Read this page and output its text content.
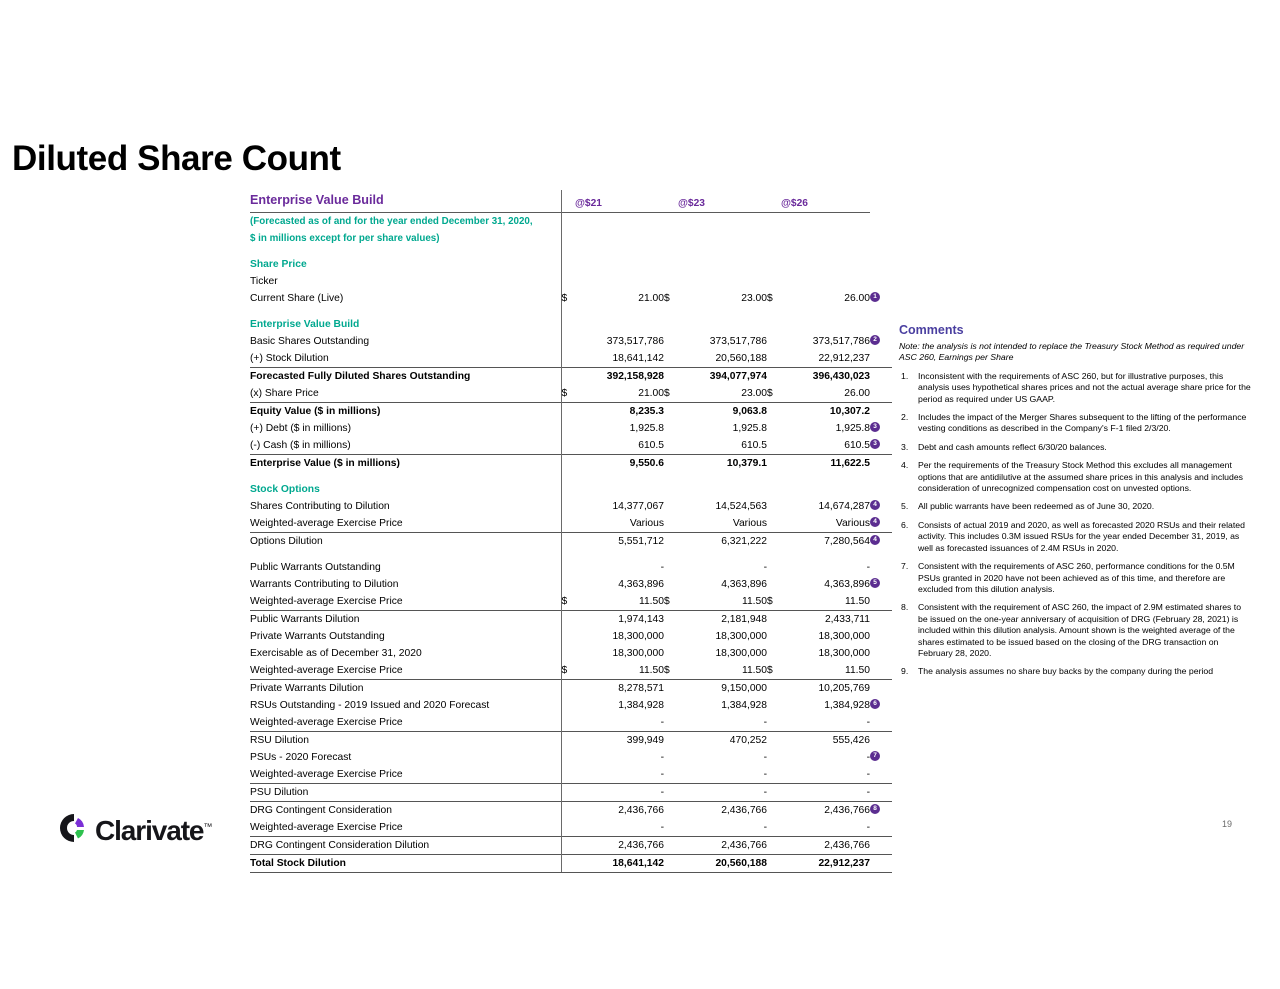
Diluted Share Count
Enterprise Value Build		@$21		@$23		@$26	

(Forecasted as of and for the year ended December 31, 2020,							
$ in millions except for per share values)							

Share Price							
Ticker							
Current Share (Live)	$	21.00	$	23.00	$	26.00	1

Enterprise Value Build							
Basic Shares Outstanding		373,517,786		373,517,786		373,517,786	2
(+) Stock Dilution		18,641,142		20,560,188		22,912,237	
Forecasted Fully Diluted Shares Outstanding		392,158,928		394,077,974		396,430,023	
(x) Share Price	$	21.00	$	23.00	$	26.00	
Equity Value ($ in millions)		8,235.3		9,063.8		10,307.2	
(+) Debt ($ in millions)		1,925.8		1,925.8		1,925.8	3
(-) Cash ($ in millions)		610.5		610.5		610.5	3
Enterprise Value ($ in millions)		9,550.6		10,379.1		11,622.5	

Stock Options							
Shares Contributing to Dilution		14,377,067		14,524,563		14,674,287	4
Weighted-average Exercise Price		Various		Various		Various	4
Options Dilution		5,551,712		6,321,222		7,280,564	4

Public Warrants Outstanding		-		-		-	
Warrants Contributing to Dilution		4,363,896		4,363,896		4,363,896	5
Weighted-average Exercise Price	$	11.50	$	11.50	$	11.50	
Public Warrants Dilution		1,974,143		2,181,948		2,433,711	
Private Warrants Outstanding		18,300,000		18,300,000		18,300,000	
Exercisable as of December 31, 2020		18,300,000		18,300,000		18,300,000	
Weighted-average Exercise Price	$	11.50	$	11.50	$	11.50	
Private Warrants Dilution		8,278,571		9,150,000		10,205,769	
RSUs Outstanding - 2019 Issued and 2020 Forecast		1,384,928		1,384,928		1,384,928	6
Weighted-average Exercise Price		-		-		-	
RSU Dilution		399,949		470,252		555,426	
PSUs - 2020 Forecast		-		-		-	7
Weighted-average Exercise Price		-		-		-	
PSU Dilution		-		-		-	
DRG Contingent Consideration		2,436,766		2,436,766		2,436,766	8
Weighted-average Exercise Price		-		-		-	
DRG Contingent Consideration Dilution		2,436,766		2,436,766		2,436,766	
Total Stock Dilution		18,641,142		20,560,188		22,912,237	
Comments
Note: the analysis is not intended to replace the Treasury Stock Method as required under ASC 260, Earnings per Share
Inconsistent with the requirements of ASC 260, but for illustrative purposes, this analysis uses hypothetical shares prices and not the actual average share price for the period as required under US GAAP.
Includes the impact of the Merger Shares subsequent to the lifting of the performance vesting conditions as described in the Company's F-1 filed 2/3/20.
Debt and cash amounts reflect 6/30/20 balances.
Per the requirements of the Treasury Stock Method this excludes all management options that are antidilutive at the assumed share prices in this analysis and includes consideration of unrecognized compensation cost on unvested options.
All public warrants have been redeemed as of June 30, 2020.
Consists of actual 2019 and 2020, as well as forecasted 2020 RSUs and their related activity. This includes 0.3M issued RSUs for the year ended December 31, 2019, as well as forecasted issuances of 2.4M RSUs in 2020.
Consistent with the requirements of ASC 260, performance conditions for the 0.5M PSUs granted in 2020 have not been achieved as of this time, and therefore are excluded from this dilution analysis.
Consistent with the requirement of ASC 260, the impact of 2.9M estimated shares to be issued on the one-year anniversary of acquisition of DRG (February 28, 2021) is included within this dilution analysis. Amount shown is the weighted average of the shares estimated to be issued based on the closing of the DRG transaction on February 28, 2020.
The analysis assumes no share buy backs by the company during the period
Clarivate™	19
